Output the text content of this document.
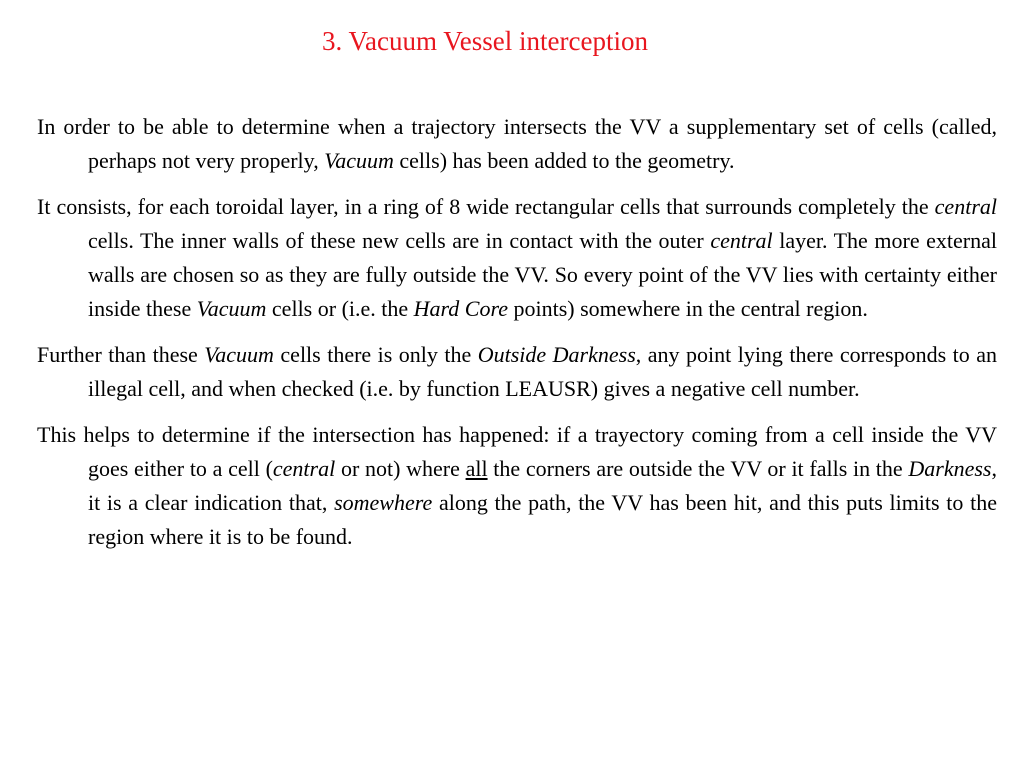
3. Vacuum Vessel interception

In order to be able to determine when a trajectory intersects the VV a supplementary set of cells (called, perhaps not very properly, Vacuum cells) has been added to the geometry.

It consists, for each toroidal layer, in a ring of 8 wide rectangular cells that surrounds completely the central cells. The inner walls of these new cells are in contact with the outer central layer. The more external walls are chosen so as they are fully outside the VV. So every point of the VV lies with certainty either inside these Vacuum cells or (i.e. the Hard Core points) somewhere in the central region.

Further than these Vacuum cells there is only the Outside Darkness, any point lying there corresponds to an illegal cell, and when checked (i.e. by function LEAUSR) gives a negative cell number.

This helps to determine if the intersection has happened: if a trayectory coming from a cell inside the VV goes either to a cell (central or not) where all the corners are outside the VV or it falls in the Darkness, it is a clear indication that, somewhere along the path, the VV has been hit, and this puts limits to the region where it is to be found.
